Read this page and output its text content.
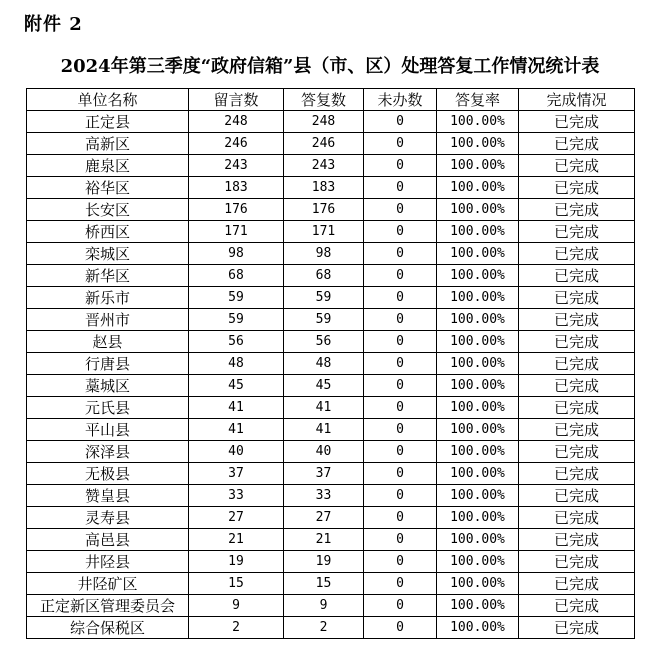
附件 2
2024年第三季度“政府信箱”县（市、区）处理答复工作情况统计表
单位名称	留言数	答复数	未办数	答复率	完成情况
正定县	248	248	0	100.00%	已完成
高新区	246	246	0	100.00%	已完成
鹿泉区	243	243	0	100.00%	已完成
裕华区	183	183	0	100.00%	已完成
长安区	176	176	0	100.00%	已完成
桥西区	171	171	0	100.00%	已完成
栾城区	98	98	0	100.00%	已完成
新华区	68	68	0	100.00%	已完成
新乐市	59	59	0	100.00%	已完成
晋州市	59	59	0	100.00%	已完成
赵县	56	56	0	100.00%	已完成
行唐县	48	48	0	100.00%	已完成
藁城区	45	45	0	100.00%	已完成
元氏县	41	41	0	100.00%	已完成
平山县	41	41	0	100.00%	已完成
深泽县	40	40	0	100.00%	已完成
无极县	37	37	0	100.00%	已完成
赞皇县	33	33	0	100.00%	已完成
灵寿县	27	27	0	100.00%	已完成
高邑县	21	21	0	100.00%	已完成
井陉县	19	19	0	100.00%	已完成
井陉矿区	15	15	0	100.00%	已完成
正定新区管理委员会	9	9	0	100.00%	已完成
综合保税区	2	2	0	100.00%	已完成
